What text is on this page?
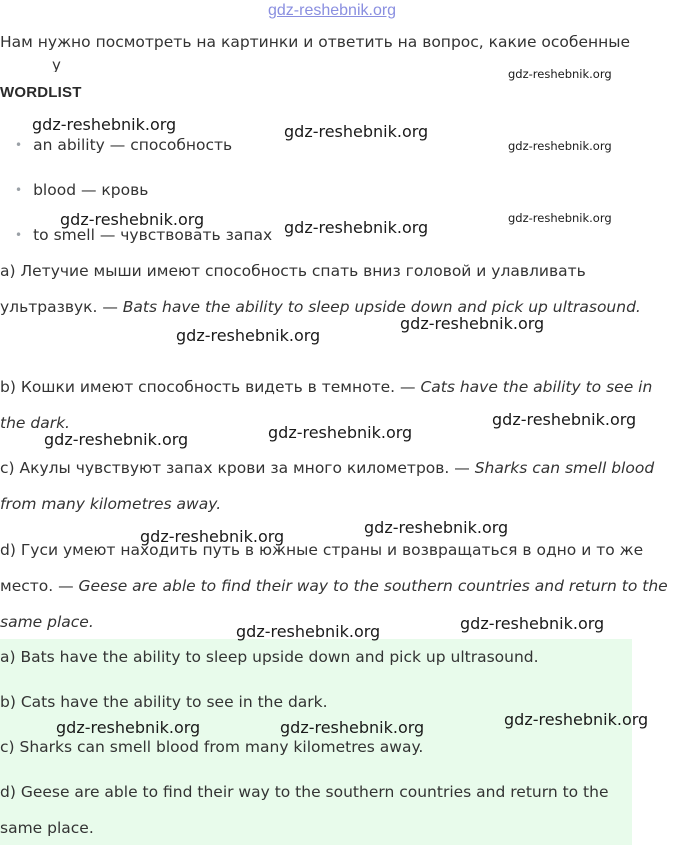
gdz-reshebnik.org
Нам нужно посмотреть на картинки и ответить на вопрос, какие особенные
у
WORDLIST
• an ability — способность
• blood — кровь
• to smell — чувствовать запах
a) Летучие мыши имеют способность спать вниз головой и улавливать ультразвук. — Bats have the ability to sleep upside down and pick up ultrasound.
b) Кошки имеют способность видеть в темноте. — Cats have the ability to see in the dark.
c) Акулы чувствуют запах крови за много километров. — Sharks can smell blood from many kilometres away.
d) Гуси умеют находить путь в южные страны и возвращаться в одно и то же место. — Geese are able to find their way to the southern countries and return to the same place.
a) Bats have the ability to sleep upside down and pick up ultrasound.
b) Cats have the ability to see in the dark.
c) Sharks can smell blood from many kilometres away.
d) Geese are able to find their way to the southern countries and return to the same place.
gdz-reshebnik.org
gdz-reshebnik.org	gdz-reshebnik.org
gdz-reshebnik.org
gdz-reshebnik.org	gdz-reshebnik.org	gdz-reshebnik.org
gdz-reshebnik.org
gdz-reshebnik.org
gdz-reshebnik.org
gdz-reshebnik.org
gdz-reshebnik.org
gdz-reshebnik.org
gdz-reshebnik.org
gdz-reshebnik.org
gdz-reshebnik.org
gdz-reshebnik.org
gdz-reshebnik.org	gdz-reshebnik.org
